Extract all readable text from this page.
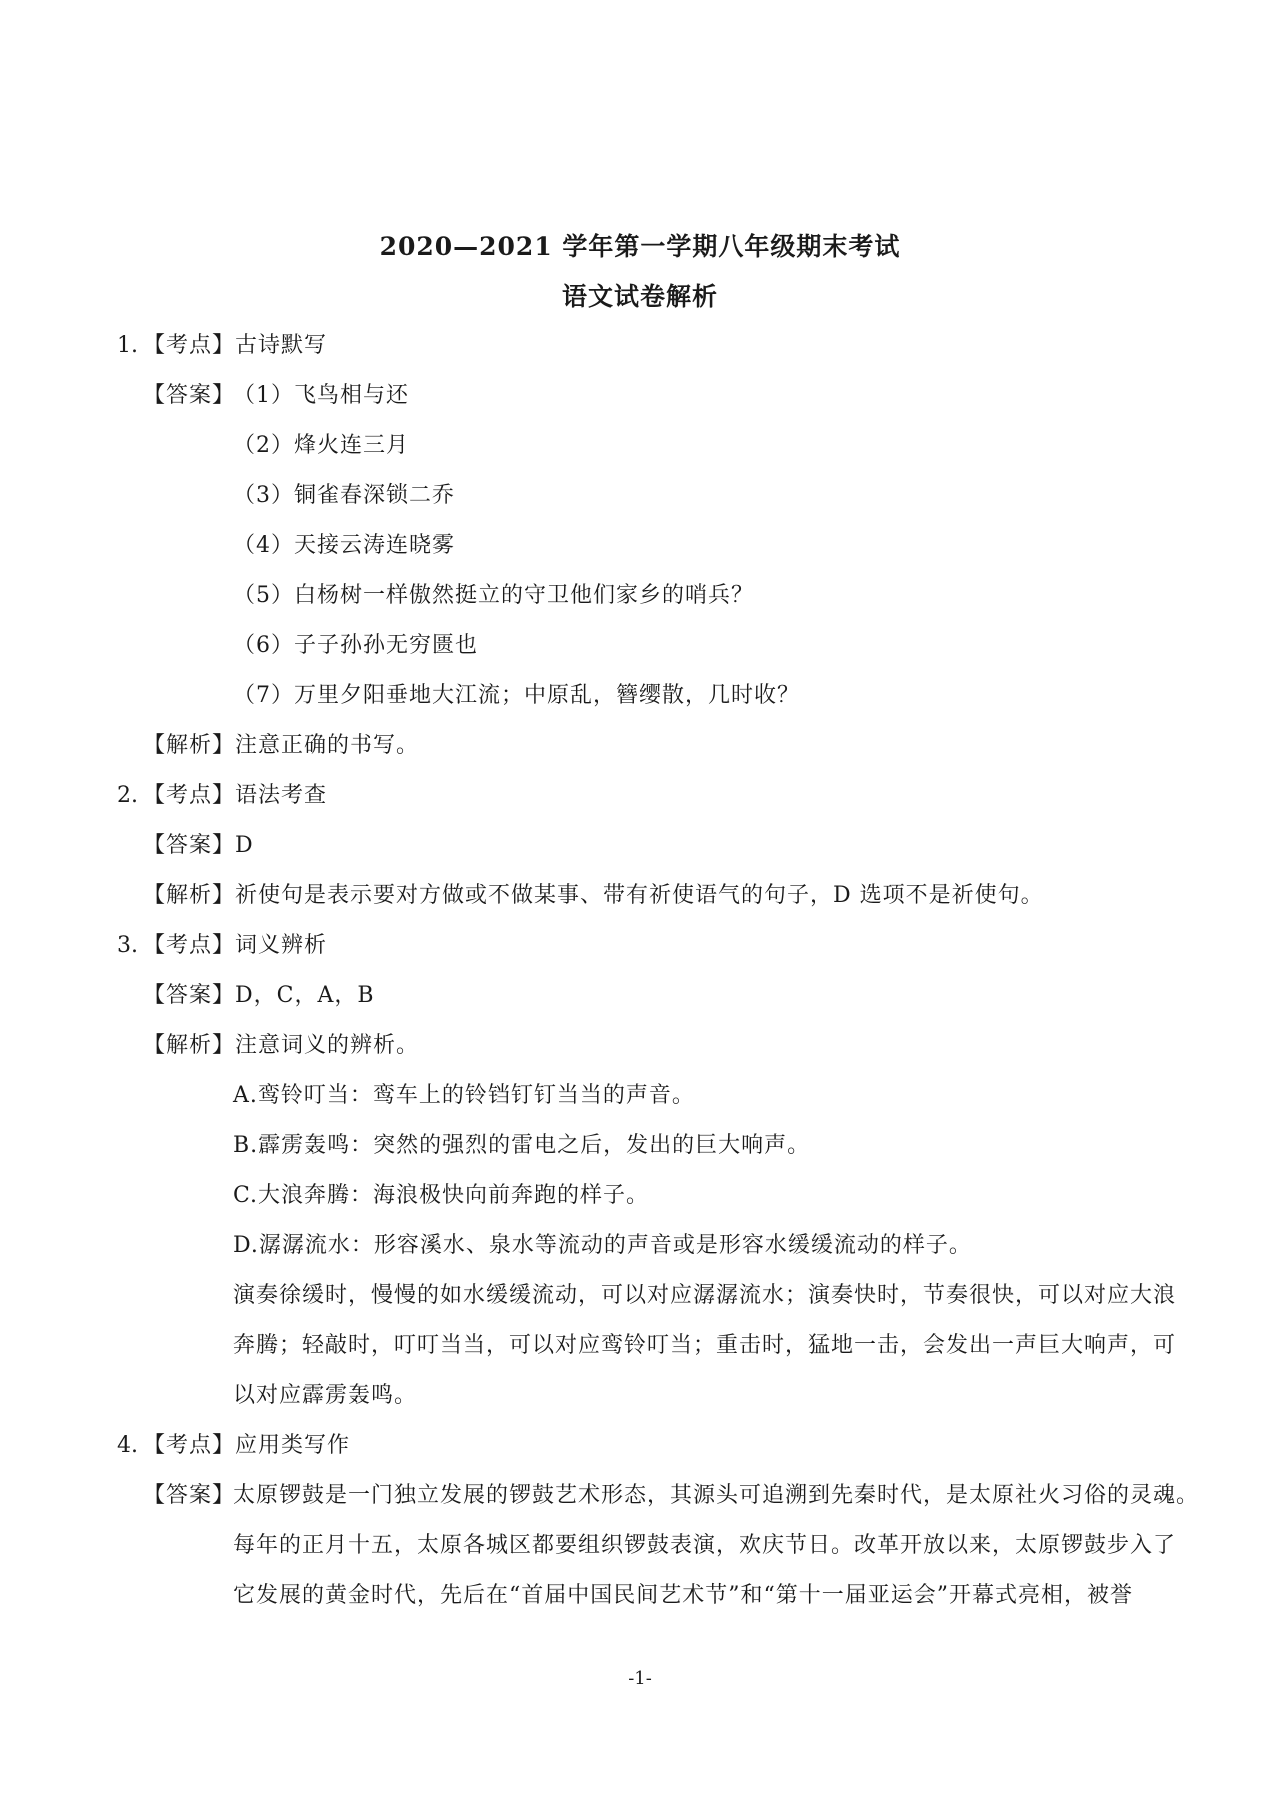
2020—2021 学年第一学期八年级期末考试
语文试卷解析
1. 【考点】古诗默写
【答案】
（1）飞鸟相与还
（2）烽火连三月
（3）铜雀春深锁二乔
（4）天接云涛连晓雾
（5）白杨树一样傲然挺立的守卫他们家乡的哨兵？
（6）子子孙孙无穷匮也
（7）万里夕阳垂地大江流；中原乱，簪缨散，几时收？
【解析】注意正确的书写。
2. 【考点】语法考查
【答案】D
【解析】祈使句是表示要对方做或不做某事、带有祈使语气的句子，D 选项不是祈使句。
3. 【考点】词义辨析
【答案】D，C，A，B
【解析】注意词义的辨析。
A.鸾铃叮当：鸾车上的铃铛钉钉当当的声音。
B.霹雳轰鸣：突然的强烈的雷电之后，发出的巨大响声。
C.大浪奔腾：海浪极快向前奔跑的样子。
D.潺潺流水：形容溪水、泉水等流动的声音或是形容水缓缓流动的样子。
演奏徐缓时，慢慢的如水缓缓流动，可以对应潺潺流水；演奏快时，节奏很快，可以对应大浪
奔腾；轻敲时，叮叮当当，可以对应鸾铃叮当；重击时，猛地一击，会发出一声巨大响声，可
以对应霹雳轰鸣。
4. 【考点】应用类写作
【答案】
太原锣鼓是一门独立发展的锣鼓艺术形态，其源头可追溯到先秦时代，是太原社火习俗的灵魂。
每年的正月十五，太原各城区都要组织锣鼓表演，欢庆节日。改革开放以来，太原锣鼓步入了
它发展的黄金时代，先后在“首届中国民间艺术节”和“第十一届亚运会”开幕式亮相，被誉
-1-
